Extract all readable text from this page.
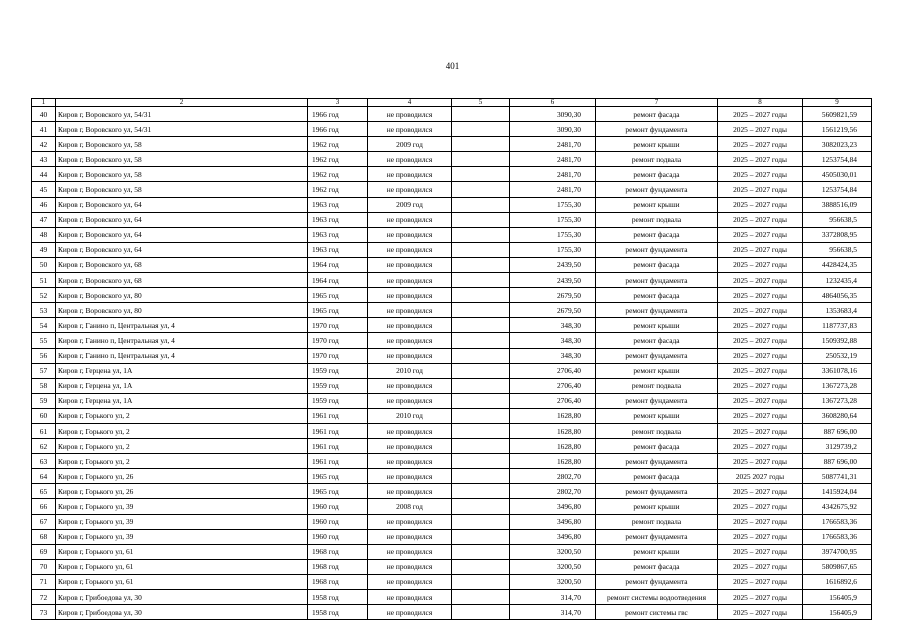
401
1	2	3	4	5	6	7	8	9
40	Киров г, Воровского ул, 54/31	1966 год	не проводился		3090,30	ремонт фасада	2025 – 2027 годы	5609821,59
41	Киров г, Воровского ул, 54/31	1966 год	не проводился		3090,30	ремонт фундамента	2025 – 2027 годы	1561219,56
42	Киров г, Воровского ул, 58	1962 год	2009 год		2481,70	ремонт крыши	2025 – 2027 годы	3082023,23
43	Киров г, Воровского ул, 58	1962 год	не проводился		2481,70	ремонт подвала	2025 – 2027 годы	1253754,84
44	Киров г, Воровского ул, 58	1962 год	не проводился		2481,70	ремонт фасада	2025 – 2027 годы	4505030,01
45	Киров г, Воровского ул, 58	1962 год	не проводился		2481,70	ремонт фундамента	2025 – 2027 годы	1253754,84
46	Киров г, Воровского ул, 64	1963 год	2009 год		1755,30	ремонт крыши	2025 – 2027 годы	3888516,09
47	Киров г, Воровского ул, 64	1963 год	не проводился		1755,30	ремонт подвала	2025 – 2027 годы	956638,5
48	Киров г, Воровского ул, 64	1963 год	не проводился		1755,30	ремонт фасада	2025 – 2027 годы	3372808,95
49	Киров г, Воровского ул, 64	1963 год	не проводился		1755,30	ремонт фундамента	2025 – 2027 годы	956638,5
50	Киров г, Воровского ул, 68	1964 год	не проводился		2439,50	ремонт фасада	2025 – 2027 годы	4428424,35
51	Киров г, Воровского ул, 68	1964 год	не проводился		2439,50	ремонт фундамента	2025 – 2027 годы	1232435,4
52	Киров г, Воровского ул, 80	1965 год	не проводился		2679,50	ремонт фасада	2025 – 2027 годы	4864056,35
53	Киров г, Воровского ул, 80	1965 год	не проводился		2679,50	ремонт фундамента	2025 – 2027 годы	1353683,4
54	Киров г, Ганино п, Центральная ул, 4	1970 год	не проводился		348,30	ремонт крыши	2025 – 2027 годы	1187737,83
55	Киров г, Ганино п, Центральная ул, 4	1970 год	не проводился		348,30	ремонт фасада	2025 – 2027 годы	1509392,88
56	Киров г, Ганино п, Центральная ул, 4	1970 год	не проводился		348,30	ремонт фундамента	2025 – 2027 годы	250532,19
57	Киров г, Герцена ул, 1А	1959 год	2010 год		2706,40	ремонт крыши	2025 – 2027 годы	3361078,16
58	Киров г, Герцена ул, 1А	1959 год	не проводился		2706,40	ремонт подвала	2025 – 2027 годы	1367273,28
59	Киров г, Герцена ул, 1А	1959 год	не проводился		2706,40	ремонт фундамента	2025 – 2027 годы	1367273,28
60	Киров г, Горького ул, 2	1961 год	2010 год		1628,80	ремонт крыши	2025 – 2027 годы	3608280,64
61	Киров г, Горького ул, 2	1961 год	не проводился		1628,80	ремонт подвала	2025 – 2027 годы	887 696,00
62	Киров г, Горького ул, 2	1961 год	не проводился		1628,80	ремонт фасада	2025 – 2027 годы	3129739,2
63	Киров г, Горького ул, 2	1961 год	не проводился		1628,80	ремонт фундамента	2025 – 2027 годы	887 696,00
64	Киров г, Горького ул, 26	1965 год	не проводился		2802,70	ремонт фасада	2025 2027 годы	5087741,31
65	Киров г, Горького ул, 26	1965 год	не проводился		2802,70	ремонт фундамента	2025 – 2027 годы	1415924,04
66	Киров г, Горького ул, 39	1960 год	2008 год		3496,80	ремонт крыши	2025 – 2027 годы	4342675,92
67	Киров г, Горького ул, 39	1960 год	не проводился		3496,80	ремонт подвала	2025 – 2027 годы	1766583,36
68	Киров г, Горького ул, 39	1960 год	не проводился		3496,80	ремонт фундамента	2025 – 2027 годы	1766583,36
69	Киров г, Горького ул, 61	1968 год	не проводился		3200,50	ремонт крыши	2025 – 2027 годы	3974700,95
70	Киров г, Горького ул, 61	1968 год	не проводился		3200,50	ремонт фасада	2025 – 2027 годы	5809867,65
71	Киров г, Горького ул, 61	1968 год	не проводился		3200,50	ремонт фундамента	2025 – 2027 годы	1616892,6
72	Киров г, Грибоедова ул, 30	1958 год	не проводился		314,70	ремонт системы водоотведения	2025 – 2027 годы	156405,9
73	Киров г, Грибоедова ул, 30	1958 год	не проводился		314,70	ремонт системы гвс	2025 – 2027 годы	156405,9
